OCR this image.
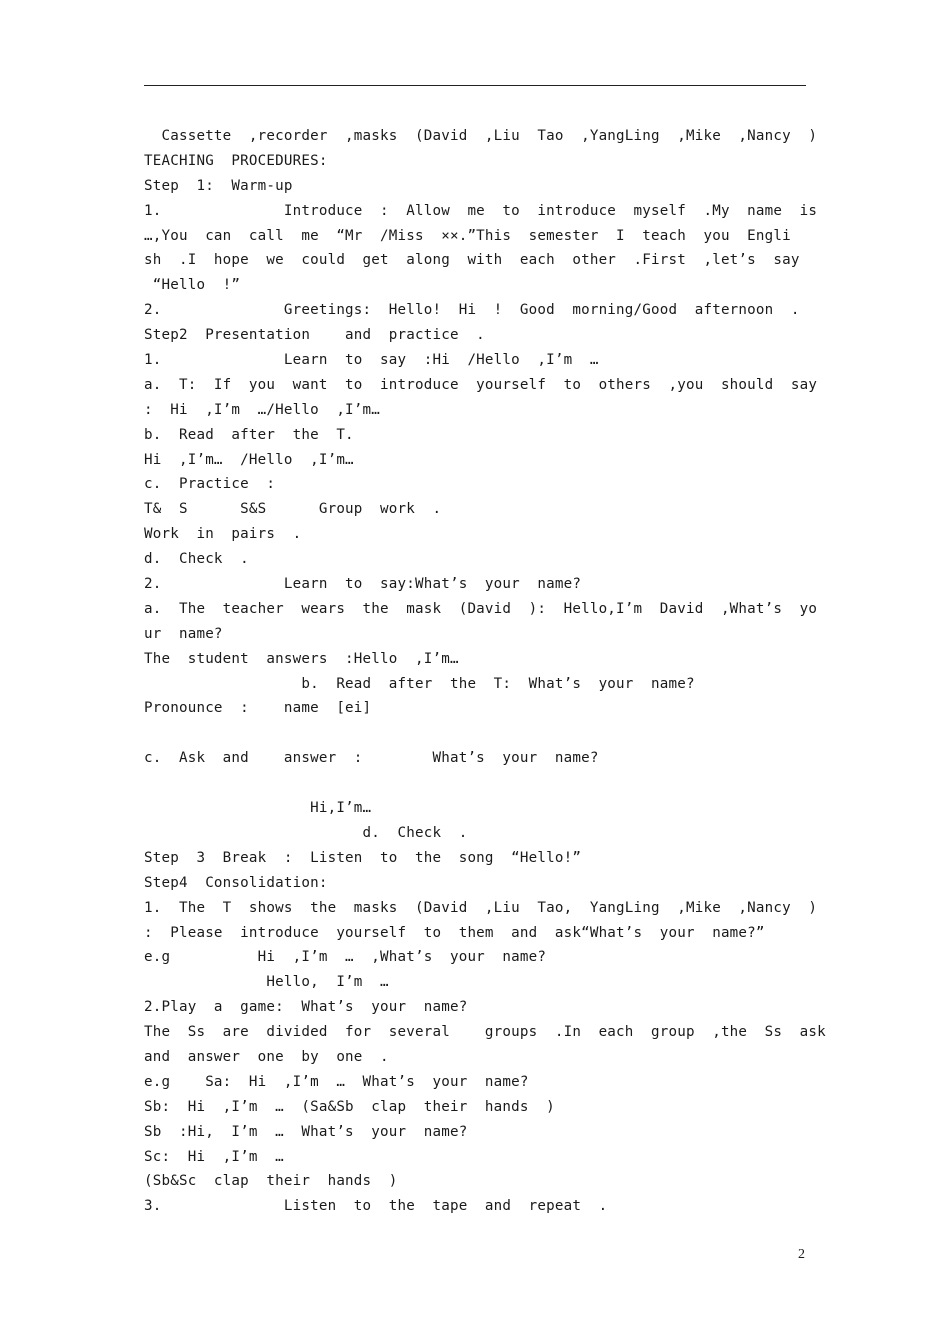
Cassette  ,recorder  ,masks  (David  ,Liu  Tao  ,YangLing  ,Mike  ,Nancy  )
TEACHING  PROCEDURES:
Step  1:  Warm-up
1.              Introduce  :  Allow  me  to  introduce  myself  .My  name  is
…,You  can  call  me  “Mr  /Miss  ××.”This  semester  I  teach  you  Engli
sh  .I  hope  we  could  get  along  with  each  other  .First  ,let’s  say
“Hello  !”
2.              Greetings:  Hello!  Hi  !  Good  morning/Good  afternoon  .
Step2  Presentation    and  practice  .
1.              Learn  to  say  :Hi  /Hello  ,I’m  …
a.  T:  If  you  want  to  introduce  yourself  to  others  ,you  should  say
:  Hi  ,I’m  …/Hello  ,I’m…
b.  Read  after  the  T.
Hi  ,I’m…  /Hello  ,I’m…
c.  Practice  :
T&  S      S&S      Group  work  .
Work  in  pairs  .
d.  Check  .
2.              Learn  to  say:What’s  your  name?
a.  The  teacher  wears  the  mask  (David  ):  Hello,I’m  David  ,What’s  yo
ur  name?
The  student  answers  :Hello  ,I’m…
b.  Read  after  the  T:  What’s  your  name?
Pronounce  :    name  [ei]
c.  Ask  and    answer  :        What’s  your  name?
Hi,I’m…
d.  Check  .
Step  3  Break  :  Listen  to  the  song  “Hello!”
Step4  Consolidation:
1.  The  T  shows  the  masks  (David  ,Liu  Tao,  YangLing  ,Mike  ,Nancy  )
:  Please  introduce  yourself  to  them  and  ask“What’s  your  name?”
e.g          Hi  ,I’m  …  ,What’s  your  name?
Hello,  I’m  …
2.Play  a  game:  What’s  your  name?
The  Ss  are  divided  for  several    groups  .In  each  group  ,the  Ss  ask
and  answer  one  by  one  .
e.g    Sa:  Hi  ,I’m  …  What’s  your  name?
Sb:  Hi  ,I’m  …  (Sa&Sb  clap  their  hands  )
Sb  :Hi,  I’m  …  What’s  your  name?
Sc:  Hi  ,I’m  …
(Sb&Sc  clap  their  hands  )
3.              Listen  to  the  tape  and  repeat  .
2
